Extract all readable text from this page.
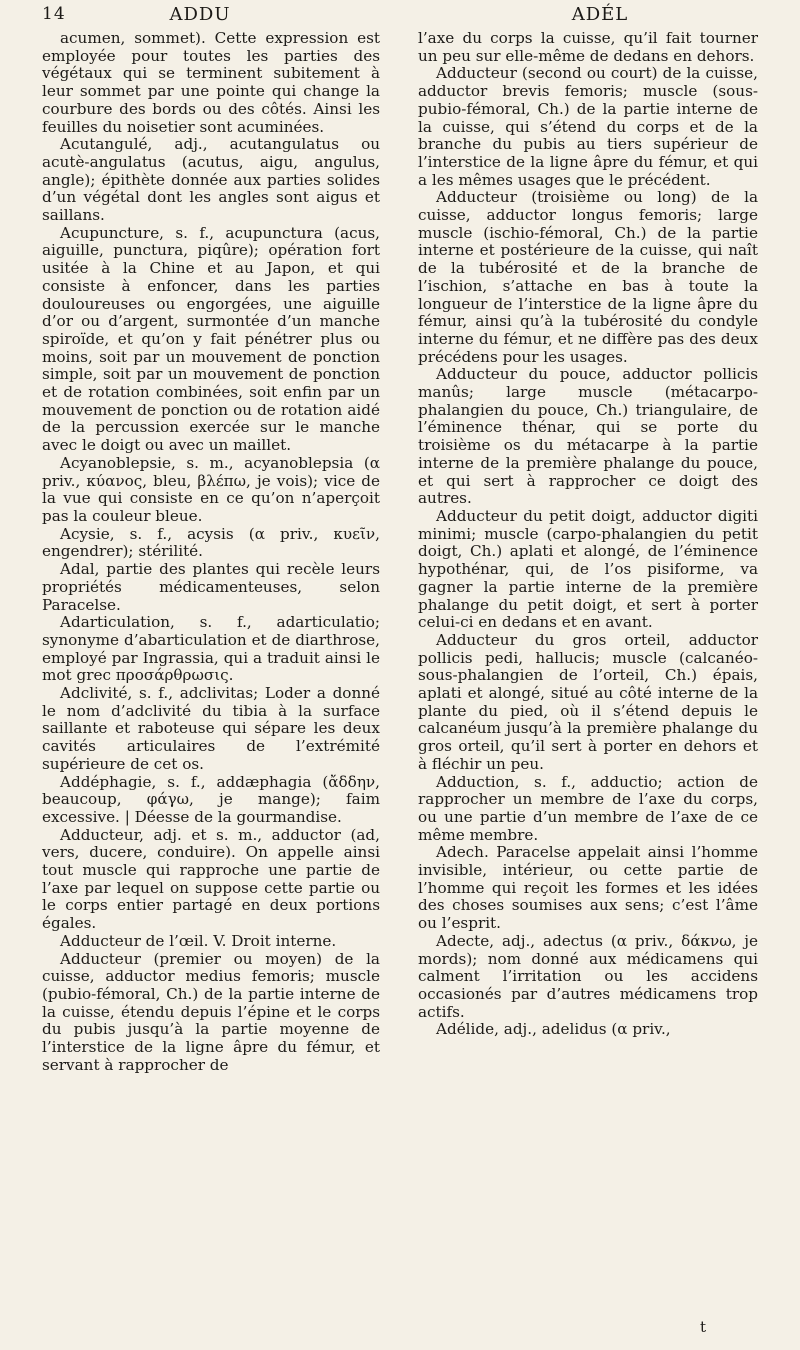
14	ADDU	ADÉL

acumen, sommet). Cette expression est employée pour toutes les parties des végétaux qui se terminent subitement à leur sommet par une pointe qui change la courbure des bords ou des côtés. Ainsi les feuilles du noisetier sont acuminées.

Acutangulé, adj., acutangulatus ou acutè-angulatus (acutus, aigu, angulus, angle); épithète donnée aux parties solides d’un végétal dont les angles sont aigus et saillans.

Acupuncture, s. f., acupunctura (acus, aiguille, punctura, piqûre); opération fort usitée à la Chine et au Japon, et qui consiste à enfoncer, dans les parties douloureuses ou engorgées, une aiguille d’or ou d’argent, surmontée d’un manche spiroïde, et qu’on y fait pénétrer plus ou moins, soit par un mouvement de ponction simple, soit par un mouvement de ponction et de rotation combinées, soit enfin par un mouvement de ponction ou de rotation aidé de la percussion exercée sur le manche avec le doigt ou avec un maillet.

Acyanoblepsie, s. m., acyanoblepsia (α priv., κύανος, bleu, βλέπω, je vois); vice de la vue qui consiste en ce qu’on n’aperçoit pas la couleur bleue.

Acysie, s. f., acysis (α priv., κυεῖν, engendrer); stérilité.

Adal, partie des plantes qui recèle leurs propriétés médicamenteuses, selon Paracelse.

Adarticulation, s. f., adarticulatio; synonyme d’abarticulation et de diarthrose, employé par Ingrassia, qui a traduit ainsi le mot grec προσάρθρωσις.

Adclivité, s. f., adclivitas; Loder a donné le nom d’adclivité du tibia à la surface saillante et raboteuse qui sépare les deux cavités articulaires de l’extrémité supérieure de cet os.

Addéphagie, s. f., addæphagia (ἄδδην, beaucoup, φάγω, je mange); faim excessive. | Déesse de la gourmandise.

Adducteur, adj. et s. m., adductor (ad, vers, ducere, conduire). On appelle ainsi tout muscle qui rapproche une partie de l’axe par lequel on suppose cette partie ou le corps entier partagé en deux portions égales.

Adducteur de l’œil. V. Droit interne.

Adducteur (premier ou moyen) de la cuisse, adductor medius femoris; muscle (pubio-fémoral, Ch.) de la partie interne de la cuisse, étendu depuis l’épine et le corps du pubis jusqu’à la partie moyenne de l’interstice de la ligne âpre du fémur, et servant à rapprocher de

l’axe du corps la cuisse, qu’il fait tourner un peu sur elle-même de dedans en dehors.

Adducteur (second ou court) de la cuisse, adductor brevis femoris; muscle (sous-pubio-fémoral, Ch.) de la partie interne de la cuisse, qui s’étend du corps et de la branche du pubis au tiers supérieur de l’interstice de la ligne âpre du fémur, et qui a les mêmes usages que le précédent.

Adducteur (troisième ou long) de la cuisse, adductor longus femoris; large muscle (ischio-fémoral, Ch.) de la partie interne et postérieure de la cuisse, qui naît de la tubérosité et de la branche de l’ischion, s’attache en bas à toute la longueur de l’interstice de la ligne âpre du fémur, ainsi qu’à la tubérosité du condyle interne du fémur, et ne diffère pas des deux précédens pour les usages.

Adducteur du pouce, adductor pollicis manûs; large muscle (métacarpo-phalangien du pouce, Ch.) triangulaire, de l’éminence thénar, qui se porte du troisième os du métacarpe à la partie interne de la première phalange du pouce, et qui sert à rapprocher ce doigt des autres.

Adducteur du petit doigt, adductor digiti minimi; muscle (carpo-phalangien du petit doigt, Ch.) aplati et alongé, de l’éminence hypothénar, qui, de l’os pisiforme, va gagner la partie interne de la première phalange du petit doigt, et sert à porter celui-ci en dedans et en avant.

Adducteur du gros orteil, adductor pollicis pedi, hallucis; muscle (calcanéo-sous-phalangien de l’orteil, Ch.) épais, aplati et alongé, situé au côté interne de la plante du pied, où il s’étend depuis le calcanéum jusqu’à la première phalange du gros orteil, qu’il sert à porter en dehors et à fléchir un peu.

Adduction, s. f., adductio; action de rapprocher un membre de l’axe du corps, ou une partie d’un membre de l’axe de ce même membre.

Adech. Paracelse appelait ainsi l’homme invisible, intérieur, ou cette partie de l’homme qui reçoit les formes et les idées des choses soumises aux sens; c’est l’âme ou l’esprit.

Adecte, adj., adectus (α priv., δάκνω, je mords); nom donné aux médicamens qui calment l’irritation ou les accidens occasionés par d’autres médicamens trop actifs.

Adélide, adj., adelidus (α priv.,

t
